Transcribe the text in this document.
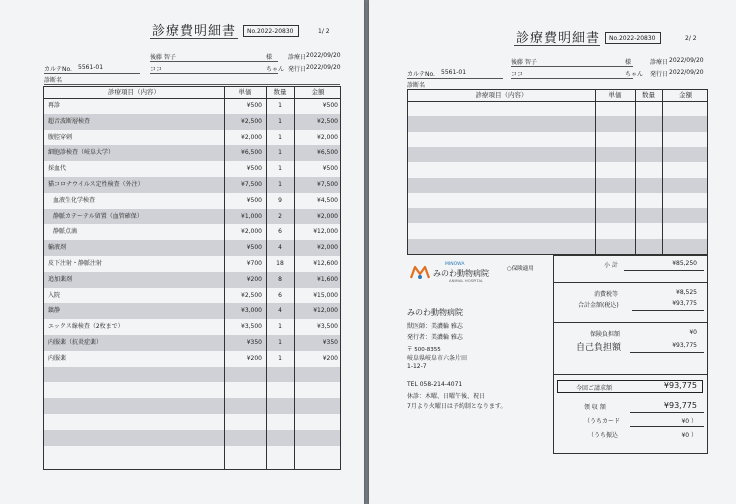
診療費明細書	No.2022-20830	1/ 2
後藤 智子	様	診療日 2022/09/20
カルテNo. 5561-01	ココ	ちゃん 発行日 2022/09/20
診断名
診療項目（内容）	単価	数量	金額
再診	¥500	1	¥500
超音波断層検査	¥2,500	1	¥2,500
腹腔穿刺	¥2,000	1	¥2,000
細胞診検査（岐阜大学）	¥6,500	1	¥6,500
採血代	¥500	1	¥500
猫コロナウイルス定性検査（外注）	¥7,500	1	¥7,500
血液生化学検査	¥500	9	¥4,500
静脈カテーテル留置（血管確保）	¥1,000	2	¥2,000
静脈点滴	¥2,000	6	¥12,000
輸液剤	¥500	4	¥2,000
皮下注射・静脈注射	¥700	18	¥12,600
追加薬剤	¥200	8	¥1,600
入院	¥2,500	6	¥15,000
鎮静	¥3,000	4	¥12,000
エックス線検査（2枚まで）	¥3,500	1	¥3,500
内服薬（抗炎症薬）	¥350	1	¥350
内服薬	¥200	1	¥200
診療費明細書	No.2022-20830	2/ 2
後藤 智子	様	診療日 2022/09/20
カルテNo. 5561-01	ココ	ちゃん 発行日 2022/09/20
診断名
診療項目（内容）	単価	数量	金額
MINOWA
みのわ動物病院
ANIMAL HOSPITAL
○保険適用
みのわ動物病院
獣医師：美濃輪 雅志
発行者：美濃輪 雅志
〒 500-8355
岐阜県岐阜市六条片田
1-12-7
TEL 058-214-4071
休診：木曜、日曜午後、祝日
7月より火曜日は予約制となります。
小 計	¥85,250
消費税等	¥8,525
合計金額(税込)	¥93,775
保険負担額	¥0
自己負担額	¥93,775
今回ご請求額	¥93,775
領 収 額	¥93,775
（うちカード	¥0 ）
（うち振込	¥0 ）
